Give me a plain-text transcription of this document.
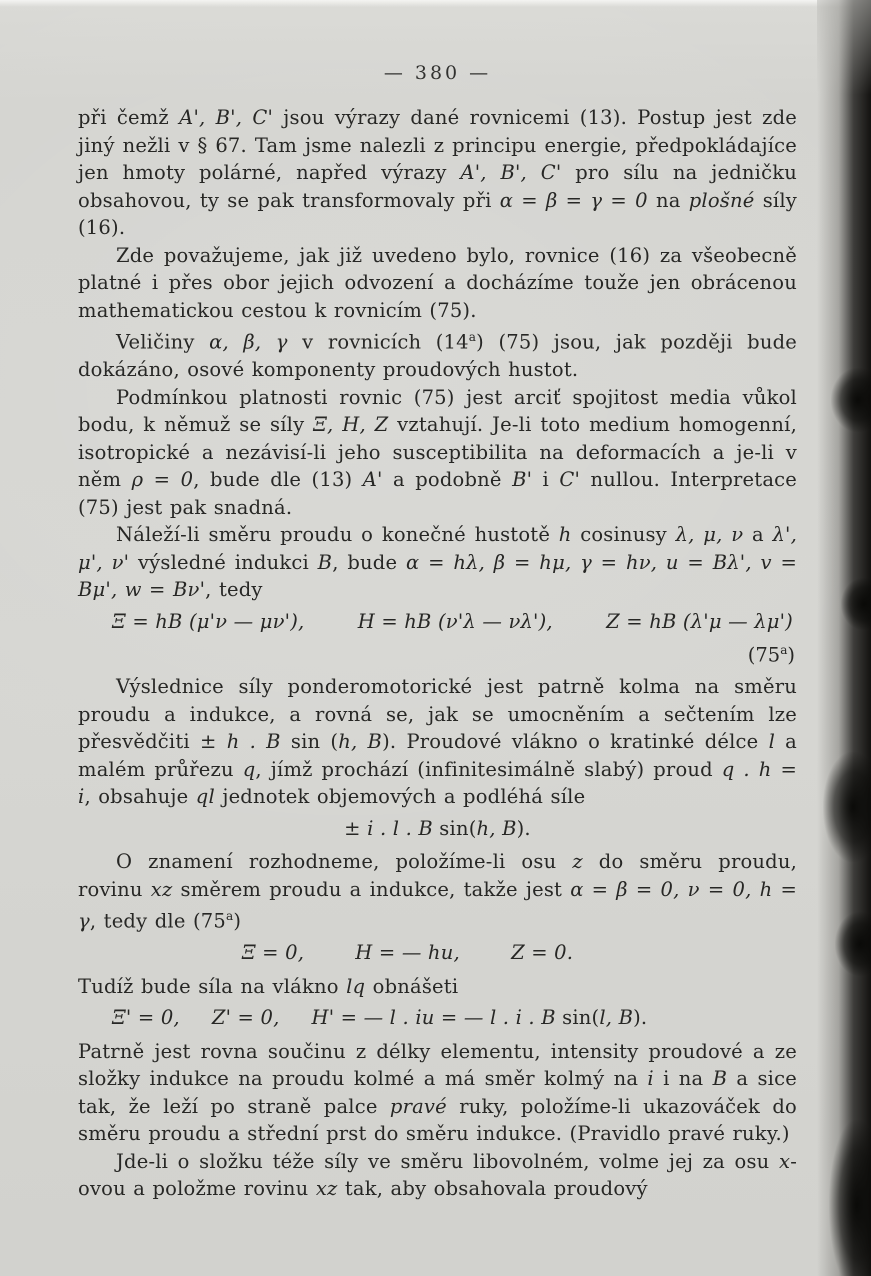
— 380 —

při čemž A', B', C' jsou výrazy dané rovnicemi (13). Postup jest zde jiný nežli v § 67. Tam jsme nalezli z principu energie, předpokládajíce jen hmoty polárné, napřed výrazy A', B', C' pro sílu na jedničku obsahovou, ty se pak transformovaly při α = β = γ = 0 na plošné síly (16).

Zde považujeme, jak již uvedeno bylo, rovnice (16) za všeobecně platné i přes obor jejich odvození a docházíme touže jen obrácenou mathematickou cestou k rovnicím (75).

Veličiny α, β, γ v rovnicích (14$^a$) (75) jsou, jak později bude dokázáno, osové komponenty proudových hustot.

Podmínkou platnosti rovnic (75) jest arciť spojitost media vůkol bodu, k němuž se síly Ξ, H, Z vztahují. Je-li toto medium homogenní, isotropické a nezávisí-li jeho susceptibilita na deformacích a je-li v něm ρ = 0, bude dle (13) A' a podobně B' i C' nullou. Interpretace (75) jest pak snadná.

Náleží-li směru proudu o konečné hustotě h cosinusy λ, μ, ν a λ', μ', ν' výsledné indukci B, bude α = hλ, β = hμ, γ = hν, u = Bλ', v = Bμ', w = Bν', tedy

Ξ = hB (μ'ν — μν'),	H = hB (ν'λ — νλ'),	Z = hB (λ'μ — λμ')
(75$^a$)

Výslednice síly ponderomotorické jest patrně kolma na směru proudu a indukce, a rovná se, jak se umocněním a sečtením lze přesvědčiti ± h . B sin (h, B). Proudové vlákno o kratinké délce l a malém průřezu q, jímž prochází (infinitesimálně slabý) proud q . h = i, obsahuje ql jednotek objemových a podléhá síle

± i . l . B sin(h, B).

O znamení rozhodneme, položíme-li osu z do směru proudu, rovinu xz směrem proudu a indukce, takže jest α = β = 0, ν = 0, h = γ, tedy dle (75$^a$)

Ξ = 0,	H = — hu,	Z = 0.

Tudíž bude síla na vlákno lq obnášeti

Ξ' = 0, Z' = 0, H' = — l . iu = — l . i . B sin(l, B).

Patrně jest rovna součinu z délky elementu, intensity proudové a ze složky indukce na proudu kolmé a má směr kolmý na i i na B a sice tak, že leží po straně palce pravé ruky, položíme-li ukazováček do směru proudu a střední prst do směru indukce. (Pravidlo pravé ruky.)

Jde-li o složku téže síly ve směru libovolném, volme jej za osu x-ovou a položme rovinu xz tak, aby obsahovala proudový
